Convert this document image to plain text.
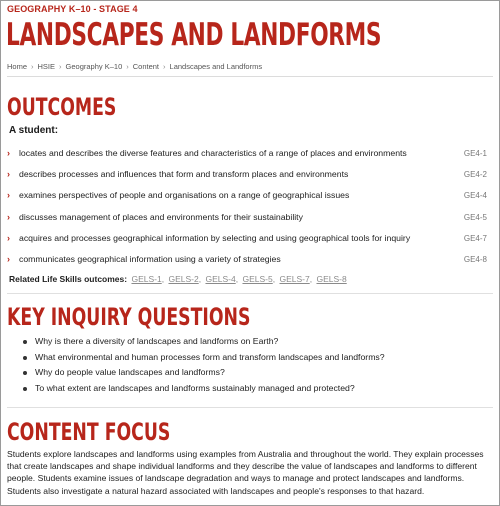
GEOGRAPHY K–10 - STAGE 4
LANDSCAPES AND LANDFORMS
Home › HSIE › Geography K–10 › Content › Landscapes and Landforms
OUTCOMES
A student:
›	locates and describes the diverse features and characteristics of a range of places and environments	GE4-1
›	describes processes and influences that form and transform places and environments	GE4-2
›	examines perspectives of people and organisations on a range of geographical issues	GE4-4
›	discusses management of places and environments for their sustainability	GE4-5
›	acquires and processes geographical information by selecting and using geographical tools for inquiry	GE4-7
›	communicates geographical information using a variety of strategies	GE4-8
Related Life Skills outcomes: GELS-1, GELS-2, GELS-4, GELS-5, GELS-7, GELS-8
KEY INQUIRY QUESTIONS
Why is there a diversity of landscapes and landforms on Earth?
What environmental and human processes form and transform landscapes and landforms?
Why do people value landscapes and landforms?
To what extent are landscapes and landforms sustainably managed and protected?
CONTENT FOCUS

Students explore landscapes and landforms using examples from Australia and throughout the world. They explain processes that create landscapes and shape individual landforms and they describe the value of landscapes and landforms to different people. Students examine issues of landscape degradation and ways to manage and protect landscapes and landforms. Students also investigate a natural hazard associated with landscapes and people's responses to that hazard.
